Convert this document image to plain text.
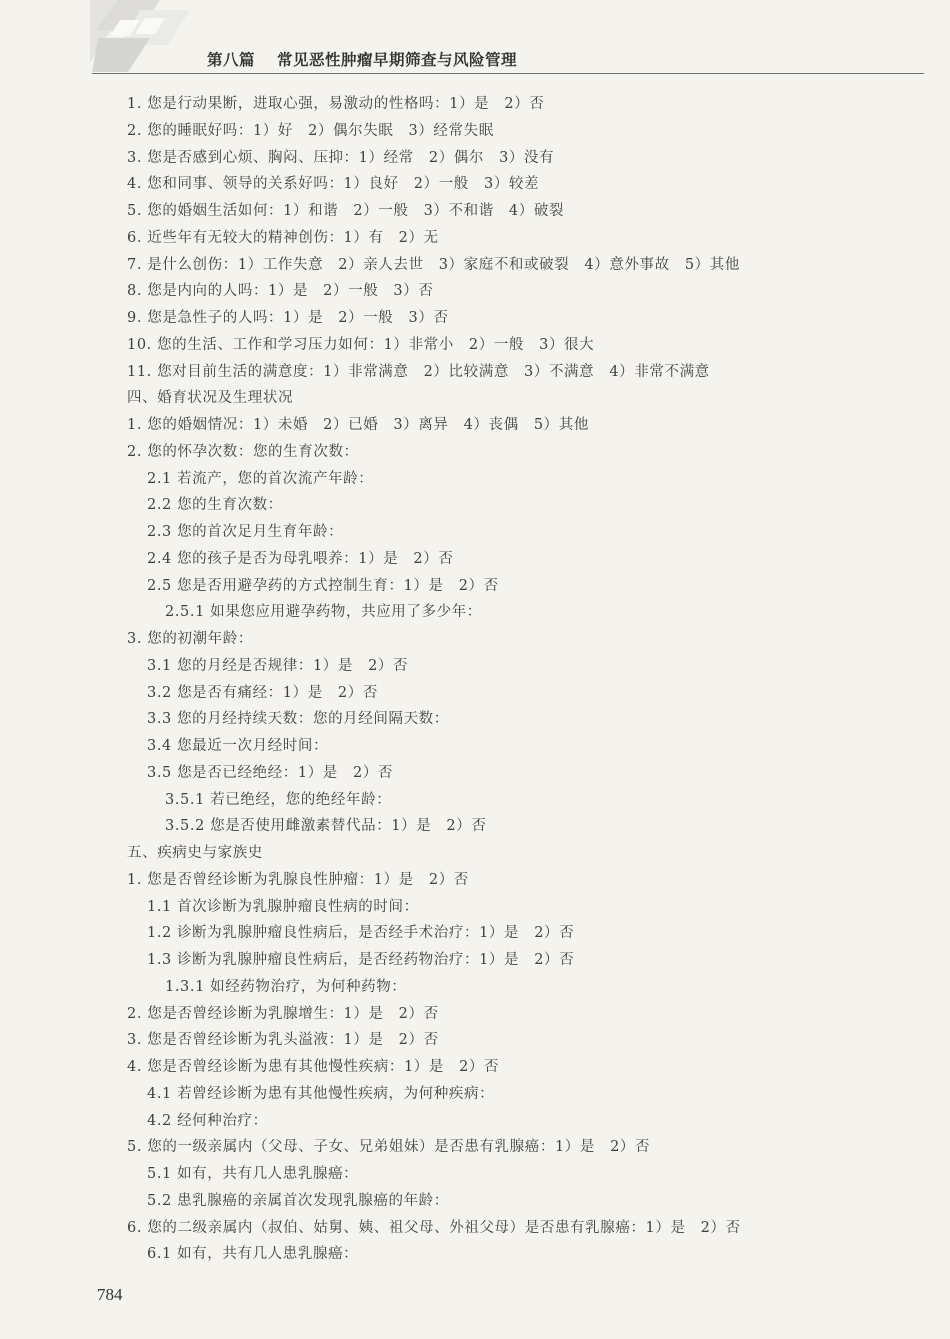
第八篇 常见恶性肿瘤早期筛查与风险管理
1. 您是行动果断，进取心强，易激动的性格吗：1）是　2）否
2. 您的睡眠好吗：1）好　2）偶尔失眠　3）经常失眠
3. 您是否感到心烦、胸闷、压抑：1）经常　2）偶尔　3）没有
4. 您和同事、领导的关系好吗：1）良好　2）一般　3）较差
5. 您的婚姻生活如何：1）和谐　2）一般　3）不和谐　4）破裂
6. 近些年有无较大的精神创伤：1）有　2）无
7. 是什么创伤：1）工作失意　2）亲人去世　3）家庭不和或破裂　4）意外事故　5）其他
8. 您是内向的人吗：1）是　2）一般　3）否
9. 您是急性子的人吗：1）是　2）一般　3）否
10. 您的生活、工作和学习压力如何：1）非常小　2）一般　3）很大
11. 您对目前生活的满意度：1）非常满意　2）比较满意　3）不满意　4）非常不满意
四、婚育状况及生理状况
1. 您的婚姻情况：1）未婚　2）已婚　3）离异　4）丧偶　5）其他
2. 您的怀孕次数：您的生育次数：
2.1 若流产，您的首次流产年龄：
2.2 您的生育次数：
2.3 您的首次足月生育年龄：
2.4 您的孩子是否为母乳喂养：1）是　2）否
2.5 您是否用避孕药的方式控制生育：1）是　2）否
2.5.1 如果您应用避孕药物，共应用了多少年：
3. 您的初潮年龄：
3.1 您的月经是否规律：1）是　2）否
3.2 您是否有痛经：1）是　2）否
3.3 您的月经持续天数：您的月经间隔天数：
3.4 您最近一次月经时间：
3.5 您是否已经绝经：1）是　2）否
3.5.1 若已绝经，您的绝经年龄：
3.5.2 您是否使用雌激素替代品：1）是　2）否
五、疾病史与家族史
1. 您是否曾经诊断为乳腺良性肿瘤：1）是　2）否
1.1 首次诊断为乳腺肿瘤良性病的时间：
1.2 诊断为乳腺肿瘤良性病后，是否经手术治疗：1）是　2）否
1.3 诊断为乳腺肿瘤良性病后，是否经药物治疗：1）是　2）否
1.3.1 如经药物治疗，为何种药物：
2. 您是否曾经诊断为乳腺增生：1）是　2）否
3. 您是否曾经诊断为乳头溢液：1）是　2）否
4. 您是否曾经诊断为患有其他慢性疾病：1）是　2）否
4.1 若曾经诊断为患有其他慢性疾病，为何种疾病：
4.2 经何种治疗：
5. 您的一级亲属内（父母、子女、兄弟姐妹）是否患有乳腺癌：1）是　2）否
5.1 如有，共有几人患乳腺癌：
5.2 患乳腺癌的亲属首次发现乳腺癌的年龄：
6. 您的二级亲属内（叔伯、姑舅、姨、祖父母、外祖父母）是否患有乳腺癌：1）是　2）否
6.1 如有，共有几人患乳腺癌：
784
